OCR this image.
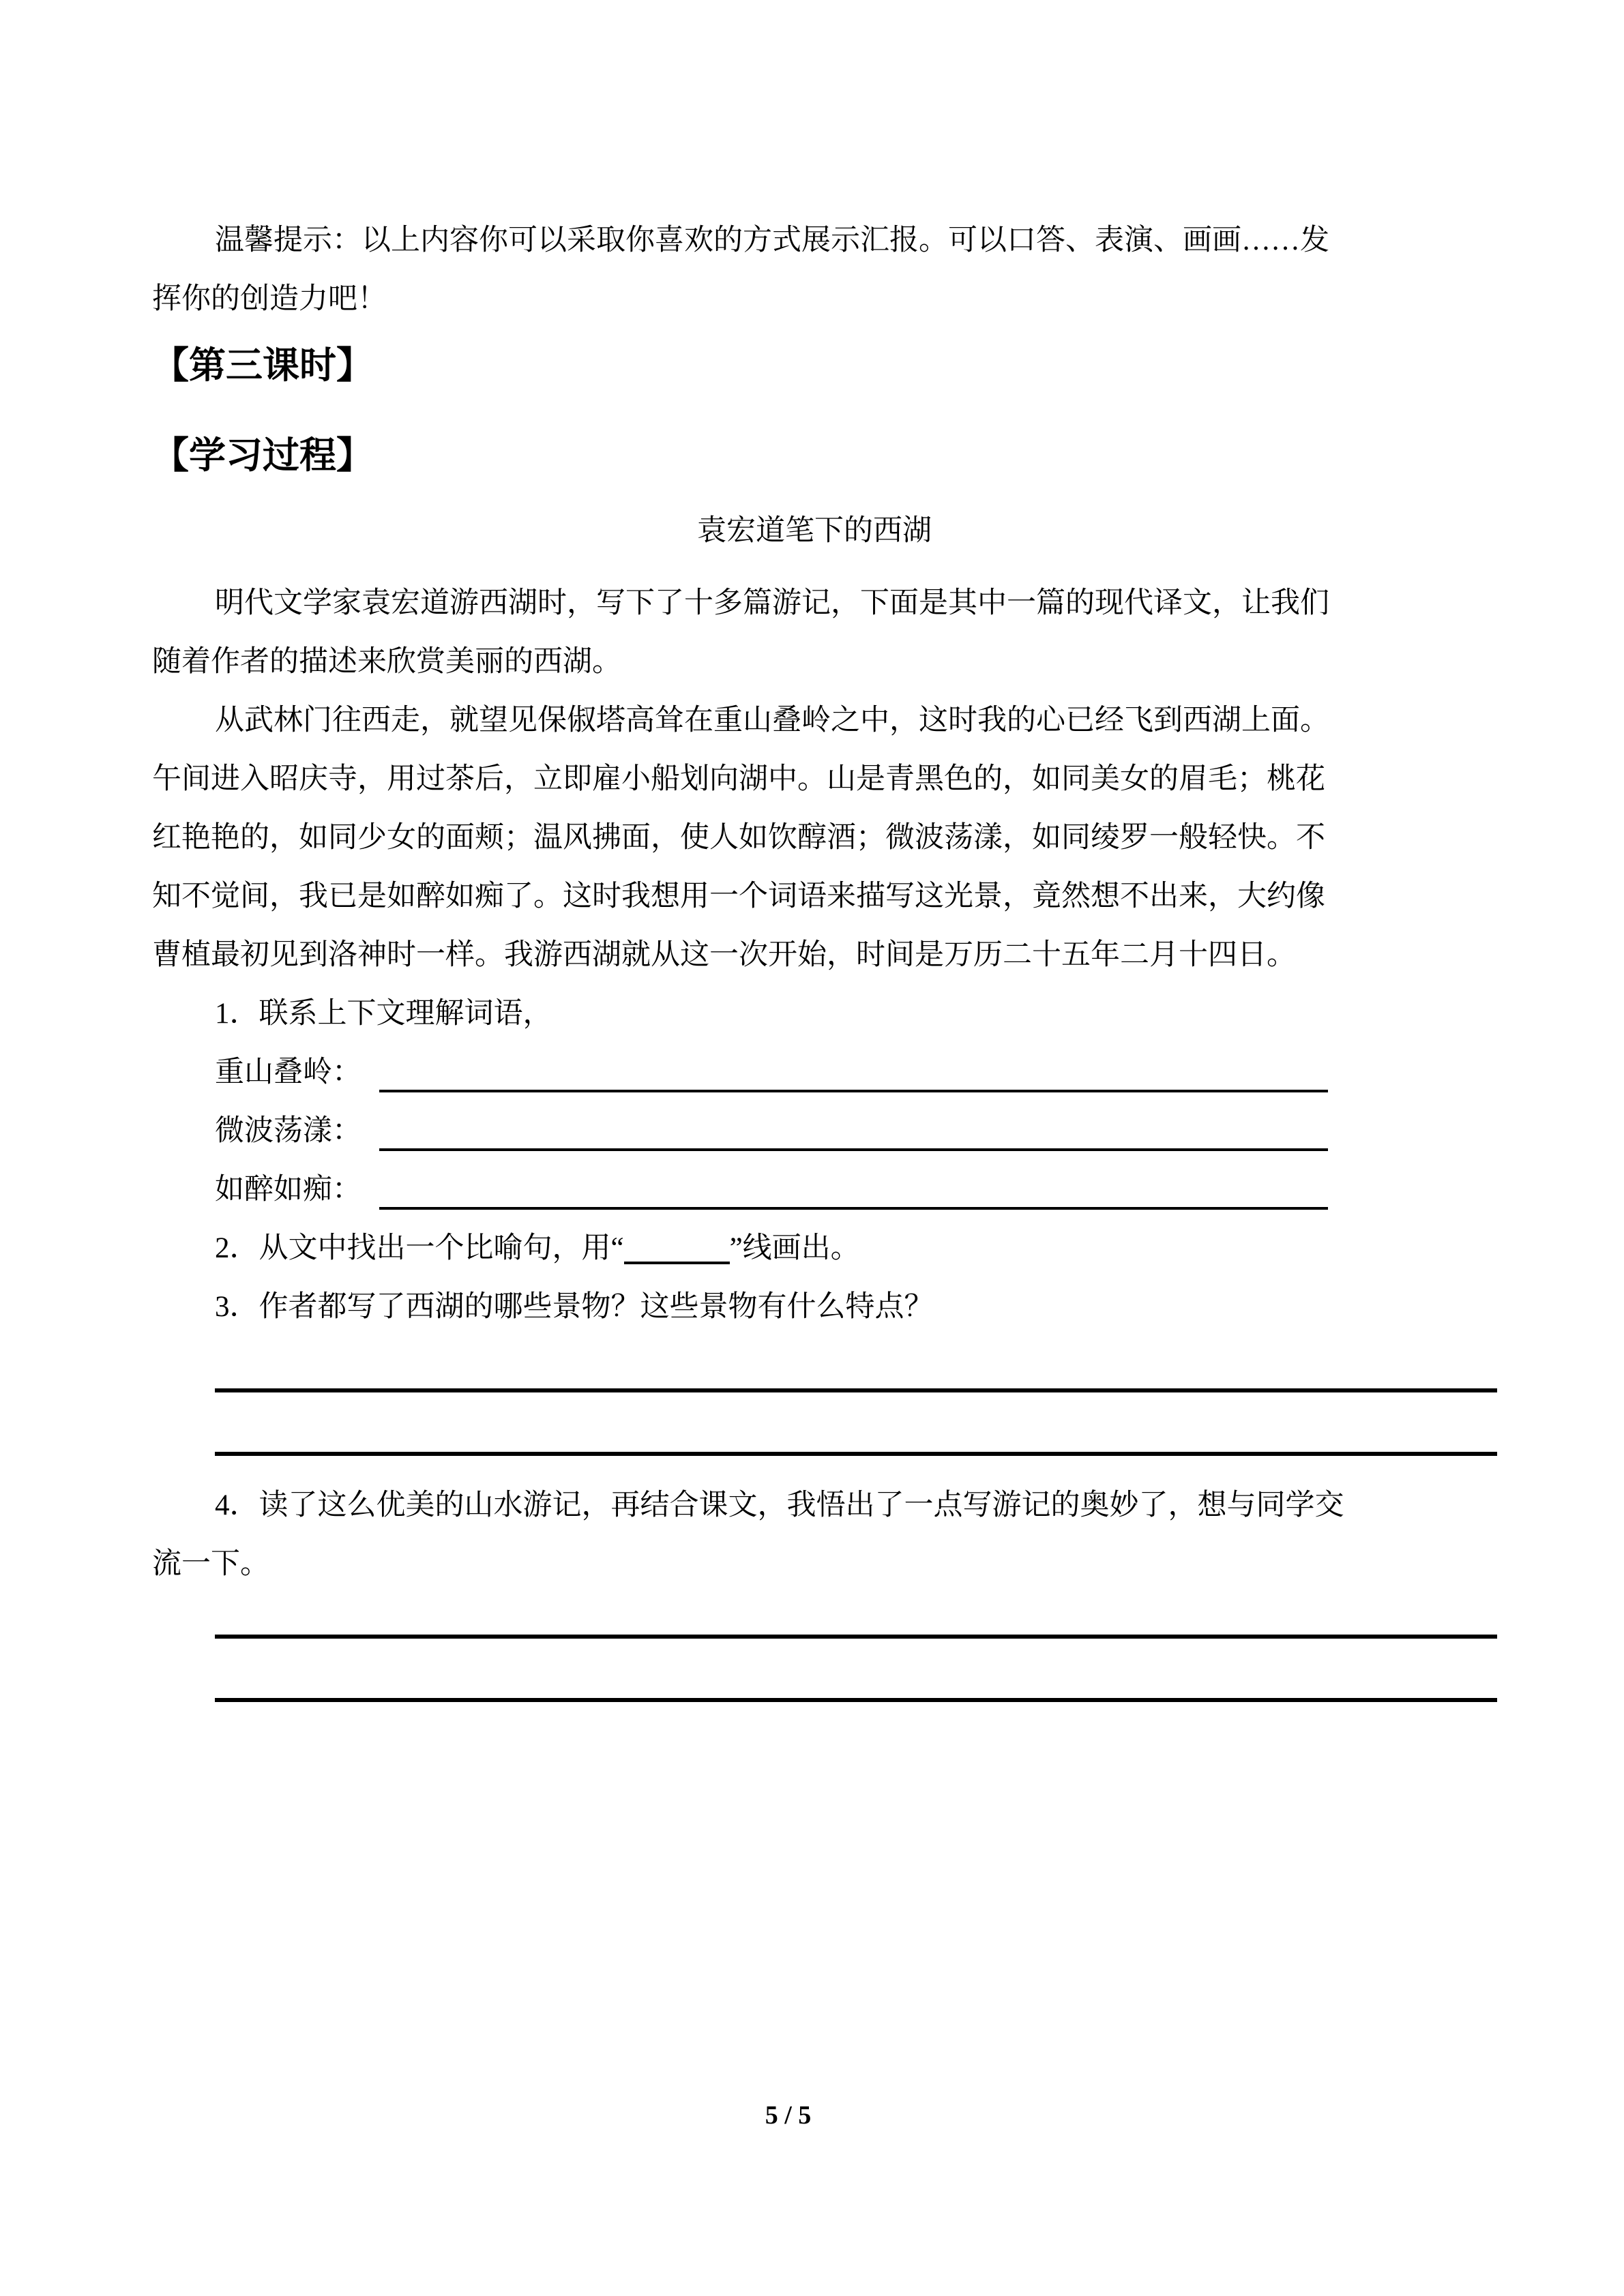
温馨提示：以上内容你可以采取你喜欢的方式展示汇报。可以口答、表演、画画……发
挥你的创造力吧！
【第三课时】
【学习过程】
袁宏道笔下的西湖
明代文学家袁宏道游西湖时，写下了十多篇游记，下面是其中一篇的现代译文，让我们
随着作者的描述来欣赏美丽的西湖。
从武林门往西走，就望见保俶塔高耸在重山叠岭之中，这时我的心已经飞到西湖上面。
午间进入昭庆寺，用过茶后，立即雇小船划向湖中。山是青黑色的，如同美女的眉毛；桃花
红艳艳的，如同少女的面颊；温风拂面，使人如饮醇酒；微波荡漾，如同绫罗一般轻快。不
知不觉间，我已是如醉如痴了。这时我想用一个词语来描写这光景，竟然想不出来，大约像
曹植最初见到洛神时一样。我游西湖就从这一次开始，时间是万历二十五年二月十四日。
1．联系上下文理解词语，
重山叠岭：
微波荡漾：
如醉如痴：
2．从文中找出一个比喻句，用“	”线画出。
3．作者都写了西湖的哪些景物？这些景物有什么特点？
4．读了这么优美的山水游记，再结合课文，我悟出了一点写游记的奥妙了，想与同学交
流一下。
5 / 5
